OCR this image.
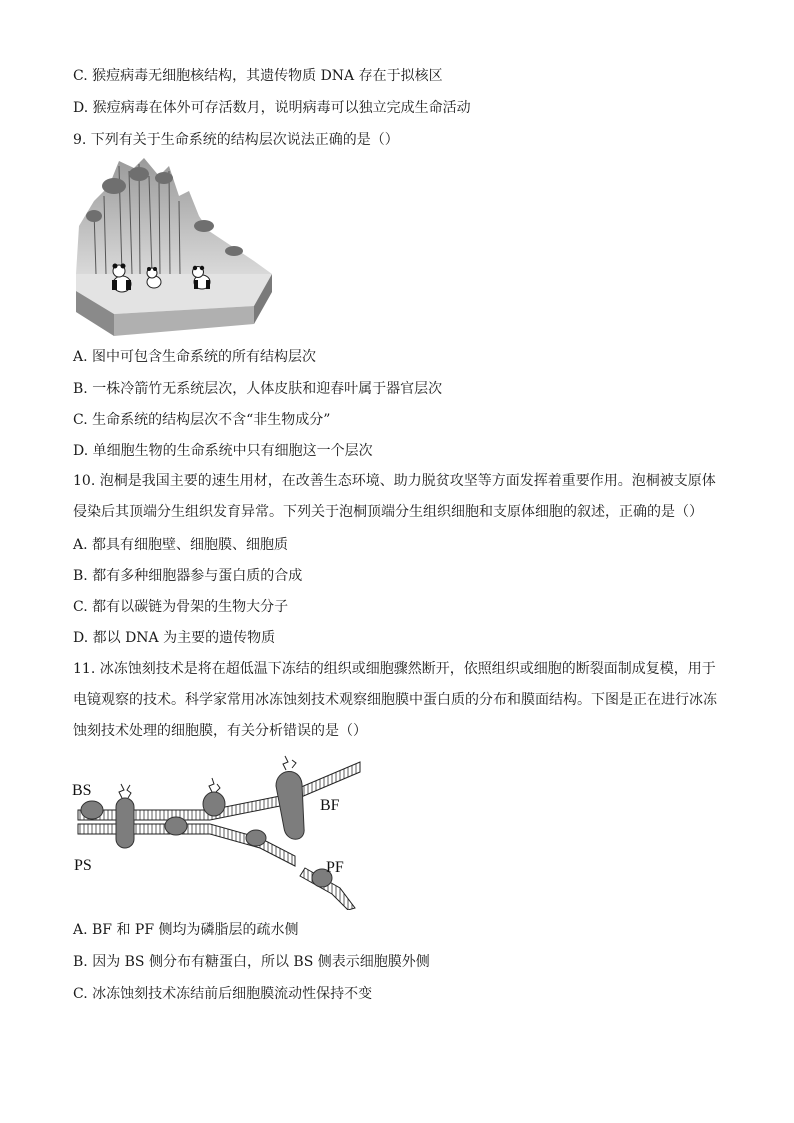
C. 猴痘病毒无细胞核结构，其遗传物质 DNA 存在于拟核区
D. 猴痘病毒在体外可存活数月，说明病毒可以独立完成生命活动
9. 下列有关于生命系统的结构层次说法正确的是（）
A. 图中可包含生命系统的所有结构层次
B. 一株冷箭竹无系统层次，人体皮肤和迎春叶属于器官层次
C. 生命系统的结构层次不含“非生物成分”
D. 单细胞生物的生命系统中只有细胞这一个层次
10. 泡桐是我国主要的速生用材，在改善生态环境、助力脱贫攻坚等方面发挥着重要作用。泡桐被支原体侵染后其顶端分生组织发育异常。下列关于泡桐顶端分生组织细胞和支原体细胞的叙述，正确的是（）
A. 都具有细胞壁、细胞膜、细胞质
B. 都有多种细胞器参与蛋白质的合成
C. 都有以碳链为骨架的生物大分子
D. 都以 DNA 为主要的遗传物质
11. 冰冻蚀刻技术是将在超低温下冻结的组织或细胞骤然断开，依照组织或细胞的断裂面制成复模，用于电镜观察的技术。科学家常用冰冻蚀刻技术观察细胞膜中蛋白质的分布和膜面结构。下图是正在进行冰冻蚀刻技术处理的细胞膜，有关分析错误的是（）
BS
BF
PS	PF
A. BF 和 PF 侧均为磷脂层的疏水侧
B. 因为 BS 侧分布有糖蛋白，所以 BS 侧表示细胞膜外侧
C. 冰冻蚀刻技术冻结前后细胞膜流动性保持不变
